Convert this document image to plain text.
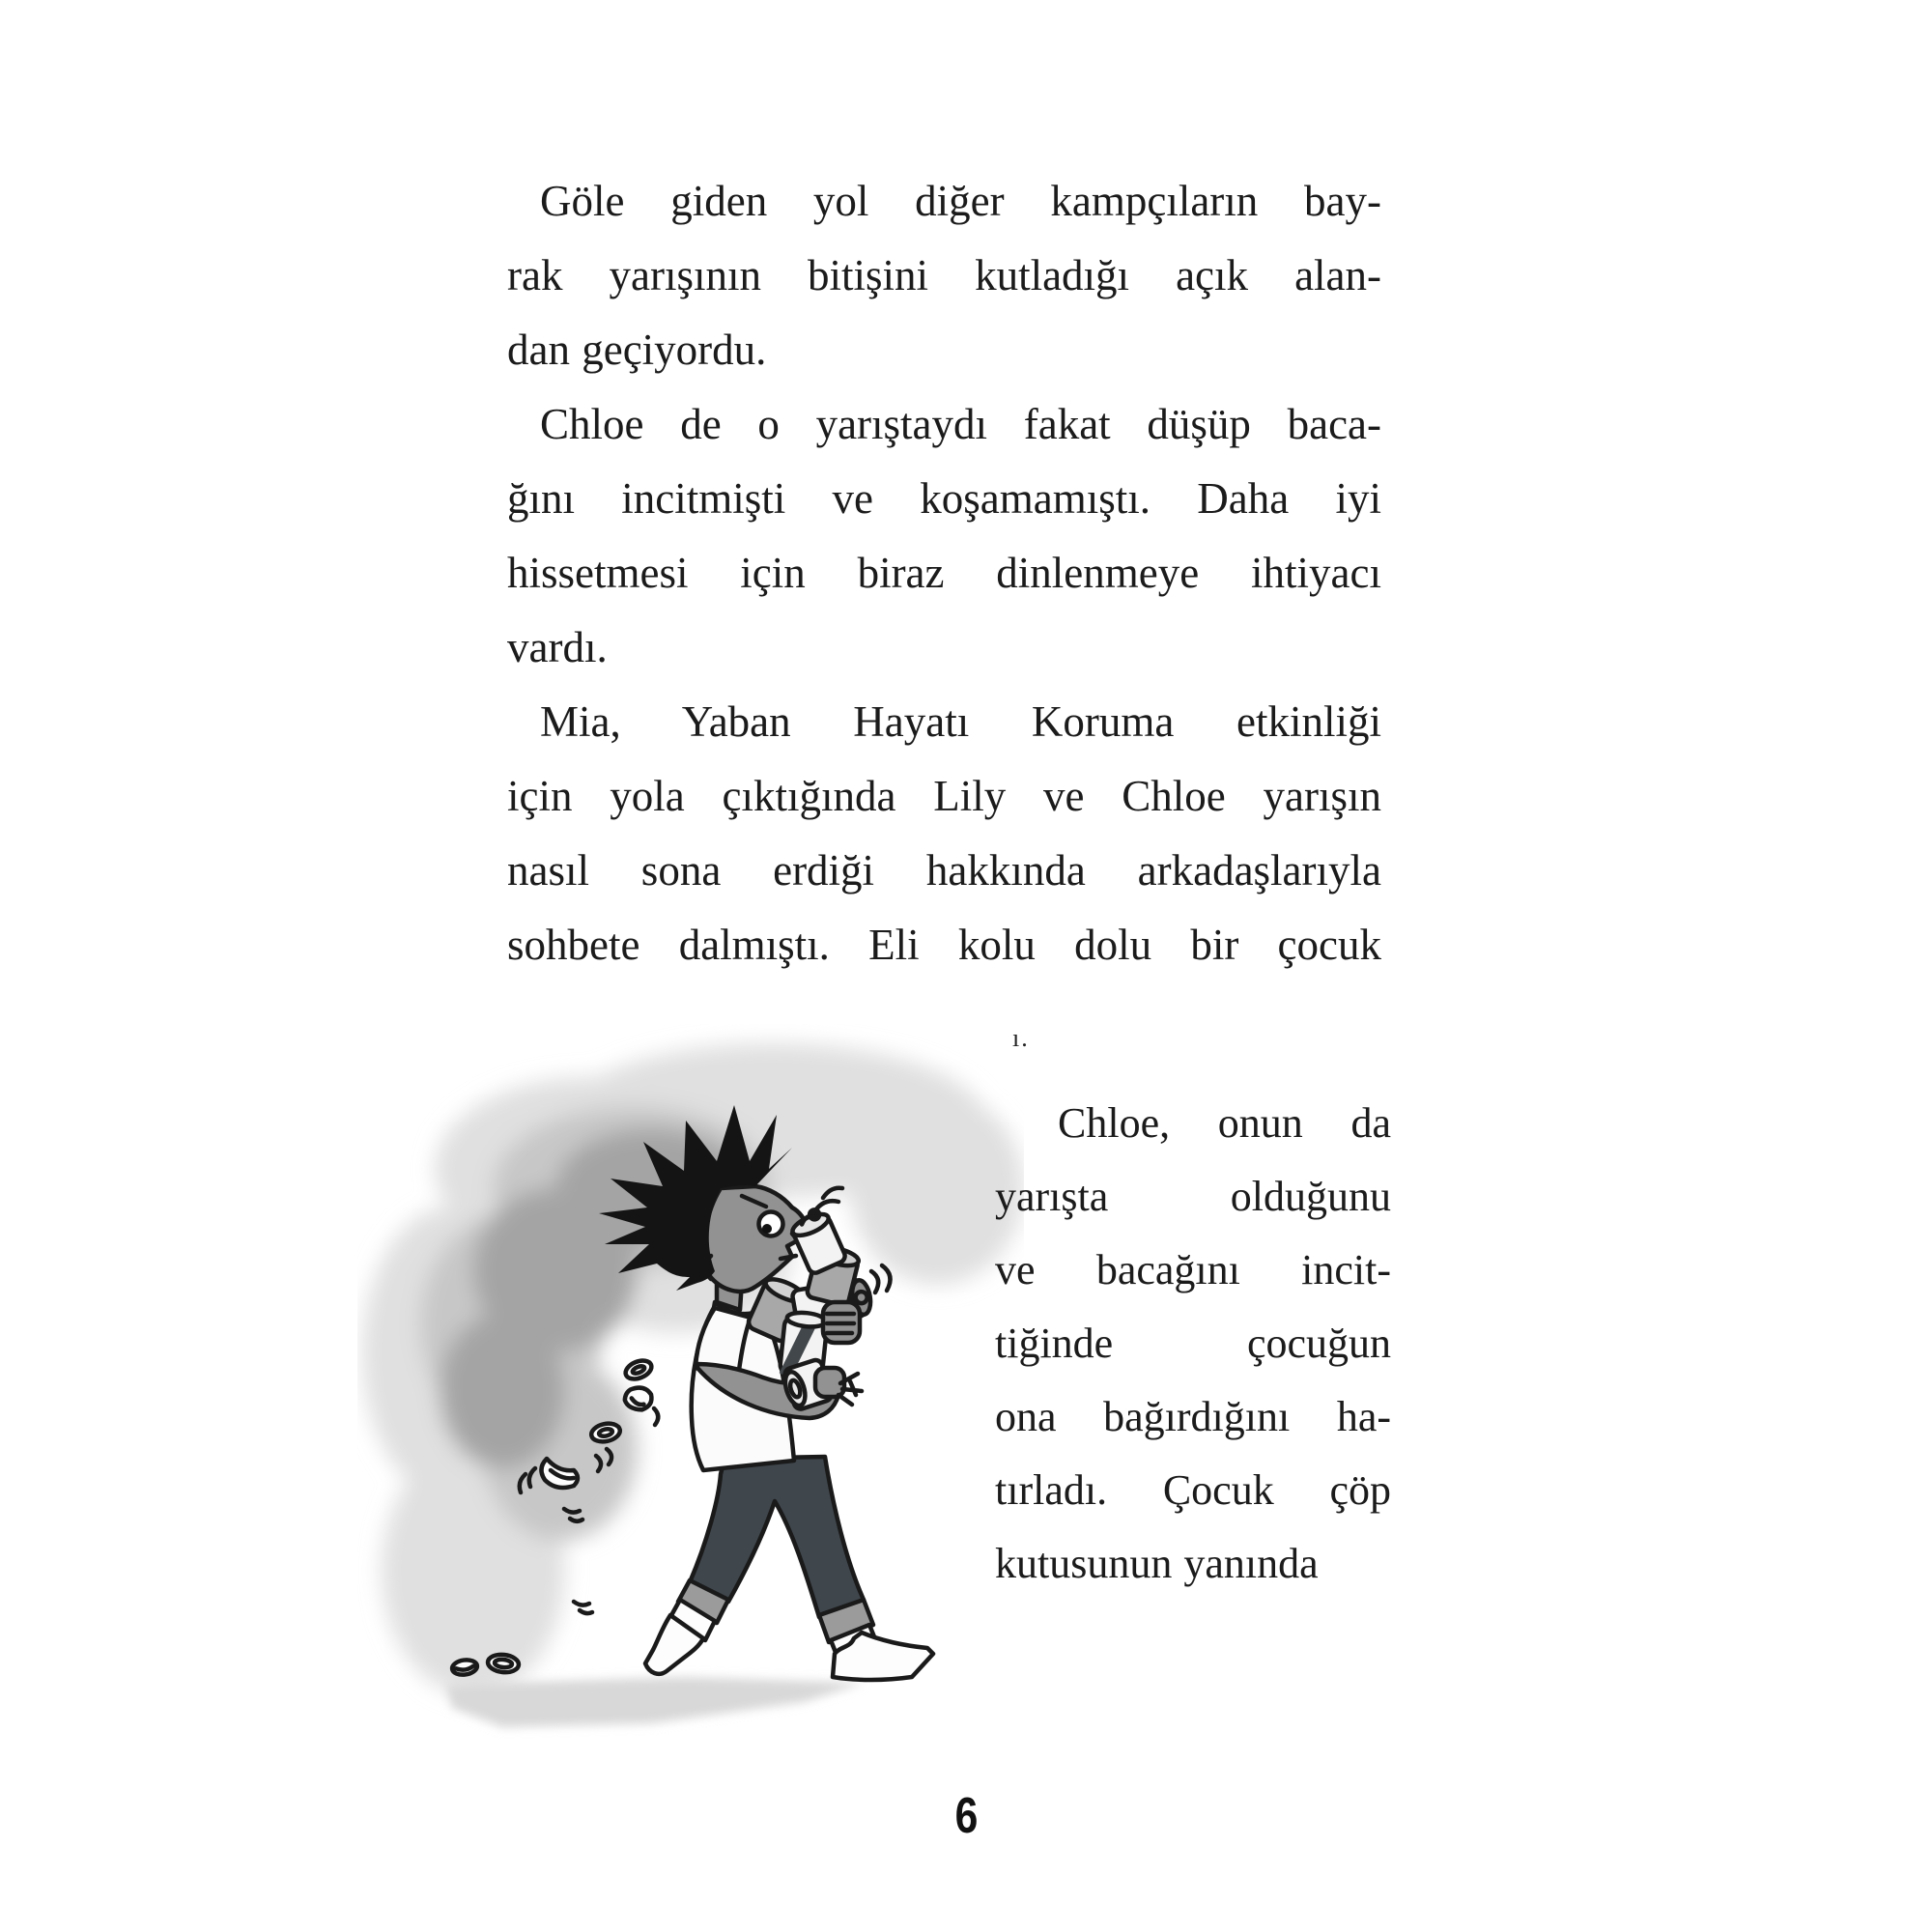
Göle giden yol diğer kampçıların bay-
rak yarışının bitişini kutladığı açık alan-
dan geçiyordu.

Chloe de o yarıştaydı fakat düşüp baca-
ğını incitmişti ve koşamamıştı. Daha iyi
hissetmesi için biraz dinlenmeye ihtiyacı
vardı.

Mia, Yaban Hayatı Koruma etkinliği
için yola çıktığında Lily ve Chloe yarışın
nasıl sona erdiği hakkında arkadaşlarıyla
sohbete dalmıştı. Eli kolu dolu bir çocuk

ı.
Chloe, onun da
yarışta olduğunu
ve bacağını incit-
tiğinde çocuğun
ona bağırdığını ha-
tırladı. Çocuk çöp
kutusunun yanında
6
